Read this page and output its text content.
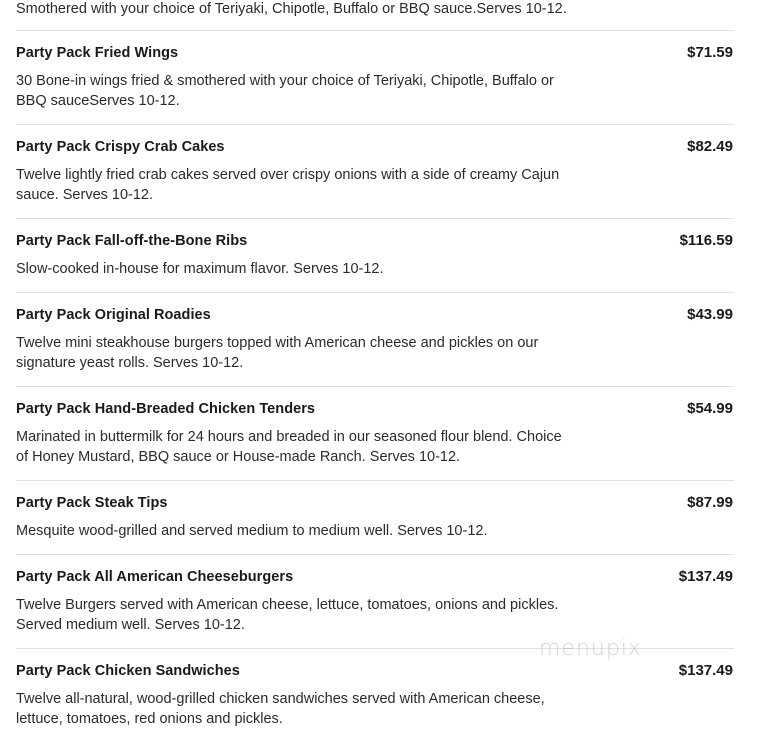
Smothered with your choice of Teriyaki, Chipotle, Buffalo or BBQ sauce.Serves 10-12.

Party Pack Fried Wings	$71.59

30 Bone-in wings fried & smothered with your choice of Teriyaki, Chipotle, Buffalo or BBQ sauceServes 10-12.

Party Pack Crispy Crab Cakes	$82.49

Twelve lightly fried crab cakes served over crispy onions with a side of creamy Cajun sauce. Serves 10-12.

Party Pack Fall-off-the-Bone Ribs	$116.59

Slow-cooked in-house for maximum flavor. Serves 10-12.

Party Pack Original Roadies	$43.99

Twelve mini steakhouse burgers topped with American cheese and pickles on our signature yeast rolls. Serves 10-12.

Party Pack Hand-Breaded Chicken Tenders	$54.99

Marinated in buttermilk for 24 hours and breaded in our seasoned flour blend. Choice of Honey Mustard, BBQ sauce or House-made Ranch. Serves 10-12.

Party Pack Steak Tips	$87.99

Mesquite wood-grilled and served medium to medium well. Serves 10-12.

Party Pack All American Cheeseburgers	$137.49

Twelve Burgers served with American cheese, lettuce, tomatoes, onions and pickles. Served medium well. Serves 10-12.

Party Pack Chicken Sandwiches	$137.49

Twelve all-natural, wood-grilled chicken sandwiches served with American cheese, lettuce, tomatoes, red onions and pickles.

menupix
